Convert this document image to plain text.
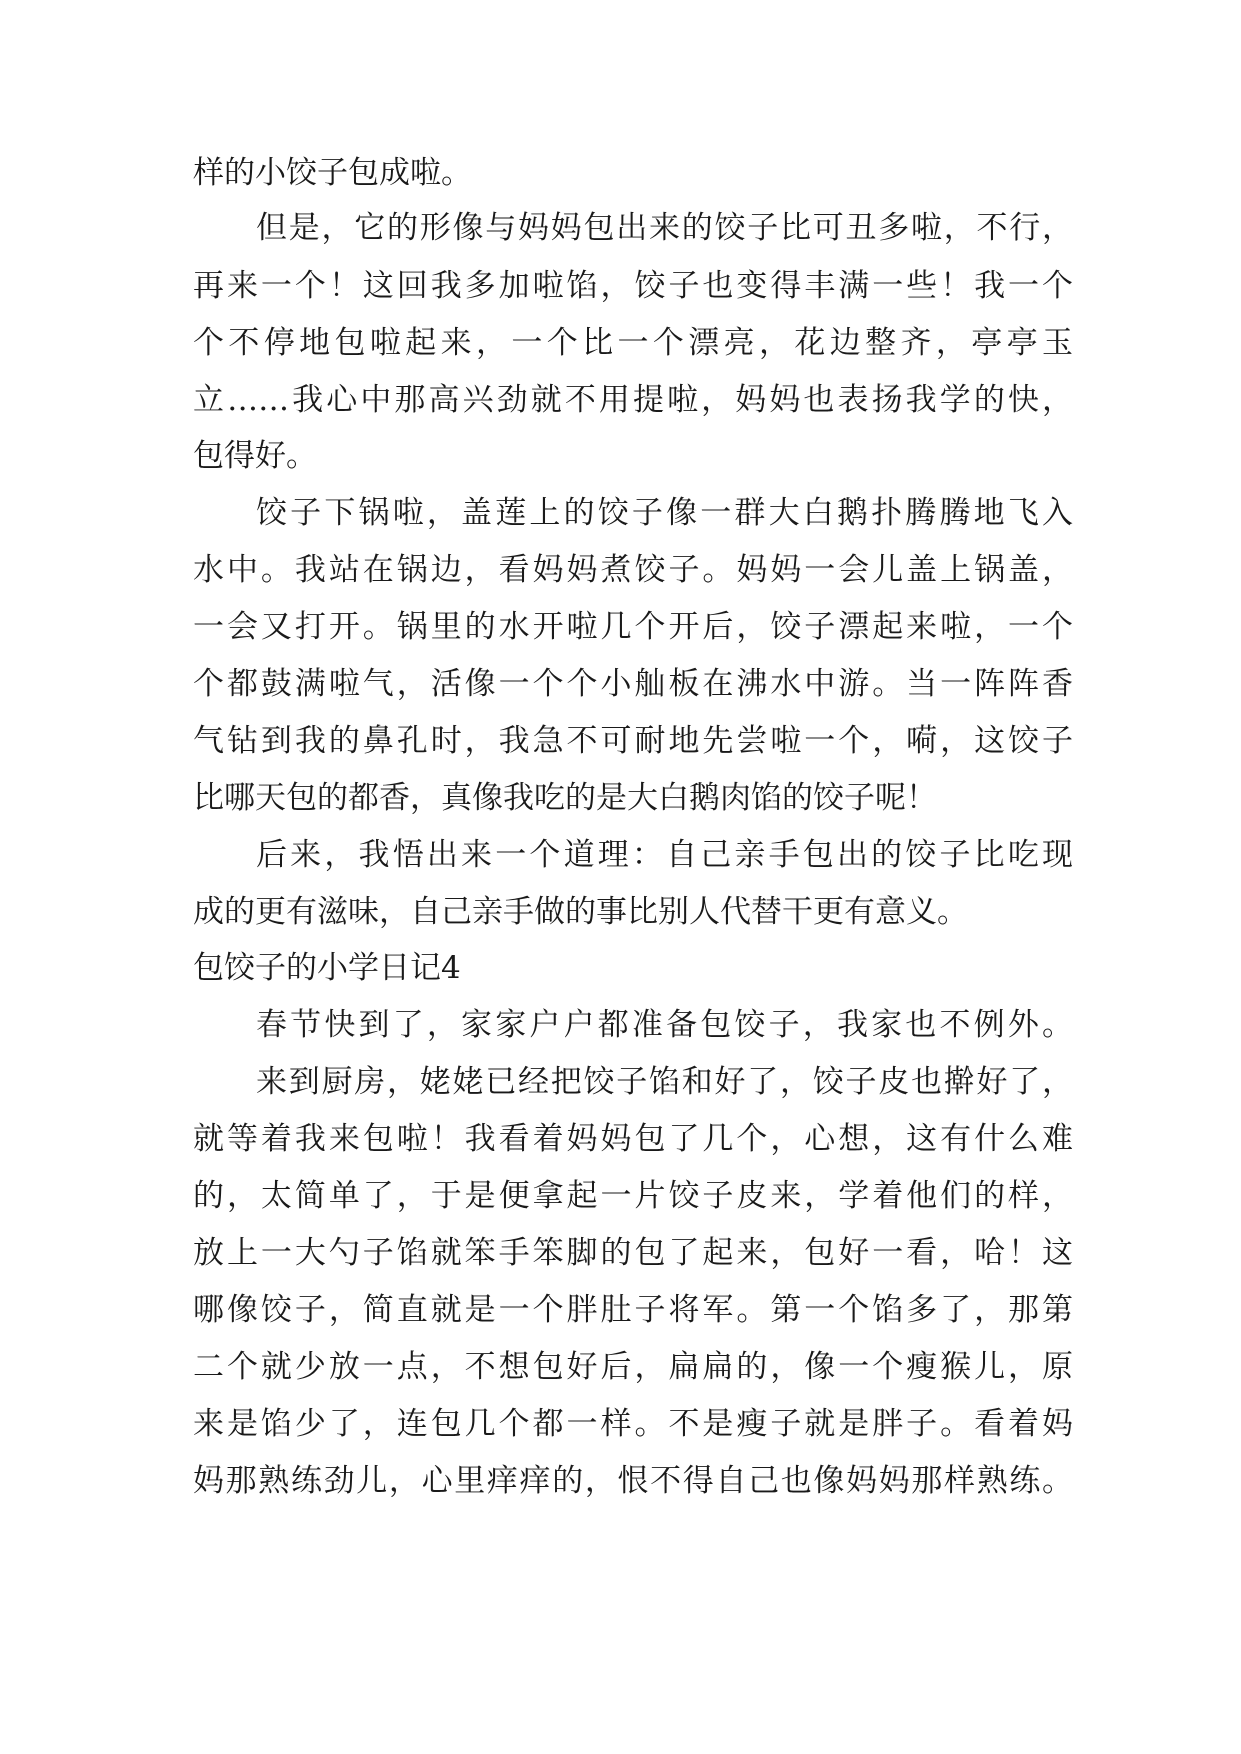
样的小饺子包成啦。
但是，它的形像与妈妈包出来的饺子比可丑多啦，不行，
再来一个！这回我多加啦馅，饺子也变得丰满一些！我一个
个不停地包啦起来，一个比一个漂亮，花边整齐，亭亭玉
立……我心中那高兴劲就不用提啦，妈妈也表扬我学的快，
包得好。
饺子下锅啦，盖莲上的饺子像一群大白鹅扑腾腾地飞入
水中。我站在锅边，看妈妈煮饺子。妈妈一会儿盖上锅盖，
一会又打开。锅里的水开啦几个开后，饺子漂起来啦，一个
个都鼓满啦气，活像一个个小舢板在沸水中游。当一阵阵香
气钻到我的鼻孔时，我急不可耐地先尝啦一个，嗬，这饺子
比哪天包的都香，真像我吃的是大白鹅肉馅的饺子呢！
后来，我悟出来一个道理：自己亲手包出的饺子比吃现
成的更有滋味，自己亲手做的事比别人代替干更有意义。
包饺子的小学日记4
春节快到了，家家户户都准备包饺子，我家也不例外。
来到厨房，姥姥已经把饺子馅和好了，饺子皮也擀好了，
就等着我来包啦！我看着妈妈包了几个，心想，这有什么难
的，太简单了，于是便拿起一片饺子皮来，学着他们的样，
放上一大勺子馅就笨手笨脚的包了起来，包好一看，哈！这
哪像饺子，简直就是一个胖肚子将军。第一个馅多了，那第
二个就少放一点，不想包好后，扁扁的，像一个瘦猴儿，原
来是馅少了，连包几个都一样。不是瘦子就是胖子。看着妈
妈那熟练劲儿，心里痒痒的，恨不得自己也像妈妈那样熟练。
